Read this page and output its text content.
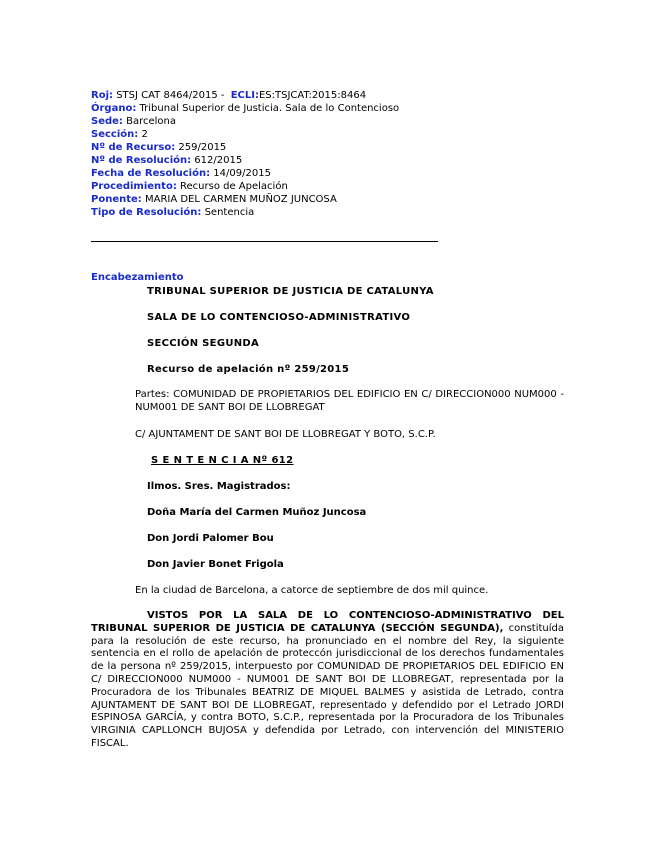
Roj: STSJ CAT 8464/2015 - ECLI:ES:TSJCAT:2015:8464
Órgano: Tribunal Superior de Justicia. Sala de lo Contencioso
Sede: Barcelona
Sección: 2
Nº de Recurso: 259/2015
Nº de Resolución: 612/2015
Fecha de Resolución: 14/09/2015
Procedimiento: Recurso de Apelación
Ponente: MARIA DEL CARMEN MUÑOZ JUNCOSA
Tipo de Resolución: Sentencia
Encabezamiento
TRIBUNAL SUPERIOR DE JUSTICIA DE CATALUNYA
SALA DE LO CONTENCIOSO-ADMINISTRATIVO
SECCIÓN SEGUNDA
Recurso de apelación nº 259/2015
Partes: COMUNIDAD DE PROPIETARIOS DEL EDIFICIO EN C/ DIRECCION000 NUM000 - NUM001 DE SANT BOI DE LLOBREGAT
C/ AJUNTAMENT DE SANT BOI DE LLOBREGAT Y BOTO, S.C.P.
S E N T E N C I A Nº 612
Ilmos. Sres. Magistrados:
Doña María del Carmen Muñoz Juncosa
Don Jordi Palomer Bou
Don Javier Bonet Frigola
En la ciudad de Barcelona, a catorce de septiembre de dos mil quince.
VISTOS POR LA SALA DE LO CONTENCIOSO-ADMINISTRATIVO DEL TRIBUNAL SUPERIOR DE JUSTICIA DE CATALUNYA (SECCIÓN SEGUNDA), constituída para la resolución de este recurso, ha pronunciado en el nombre del Rey, la siguiente sentencia en el rollo de apelación de proteccón jurisdiccional de los derechos fundamentales de la persona nº 259/2015, interpuesto por COMUNIDAD DE PROPIETARIOS DEL EDIFICIO EN C/ DIRECCION000 NUM000 - NUM001 DE SANT BOI DE LLOBREGAT, representada por la Procuradora de los Tribunales BEATRIZ DE MIQUEL BALMES y asistida de Letrado, contra AJUNTAMENT DE SANT BOI DE LLOBREGAT, representado y defendido por el Letrado JORDI ESPINOSA GARCÍA, y contra BOTO, S.C.P., representada por la Procuradora de los Tribunales VIRGINIA CAPLLONCH BUJOSA y defendida por Letrado, con intervención del MINISTERIO FISCAL.
